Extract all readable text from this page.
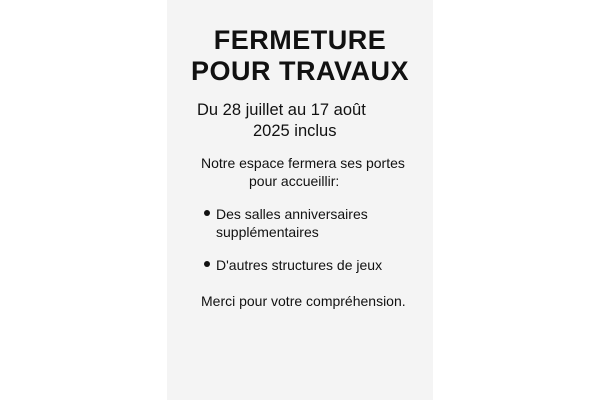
FERMETURE
POUR TRAVAUX
Du 28 juillet au 17 août
2025 inclus
Notre espace fermera ses portes
pour accueillir:
Des salles anniversaires
supplémentaires
D'autres structures de jeux
Merci pour votre compréhension.
